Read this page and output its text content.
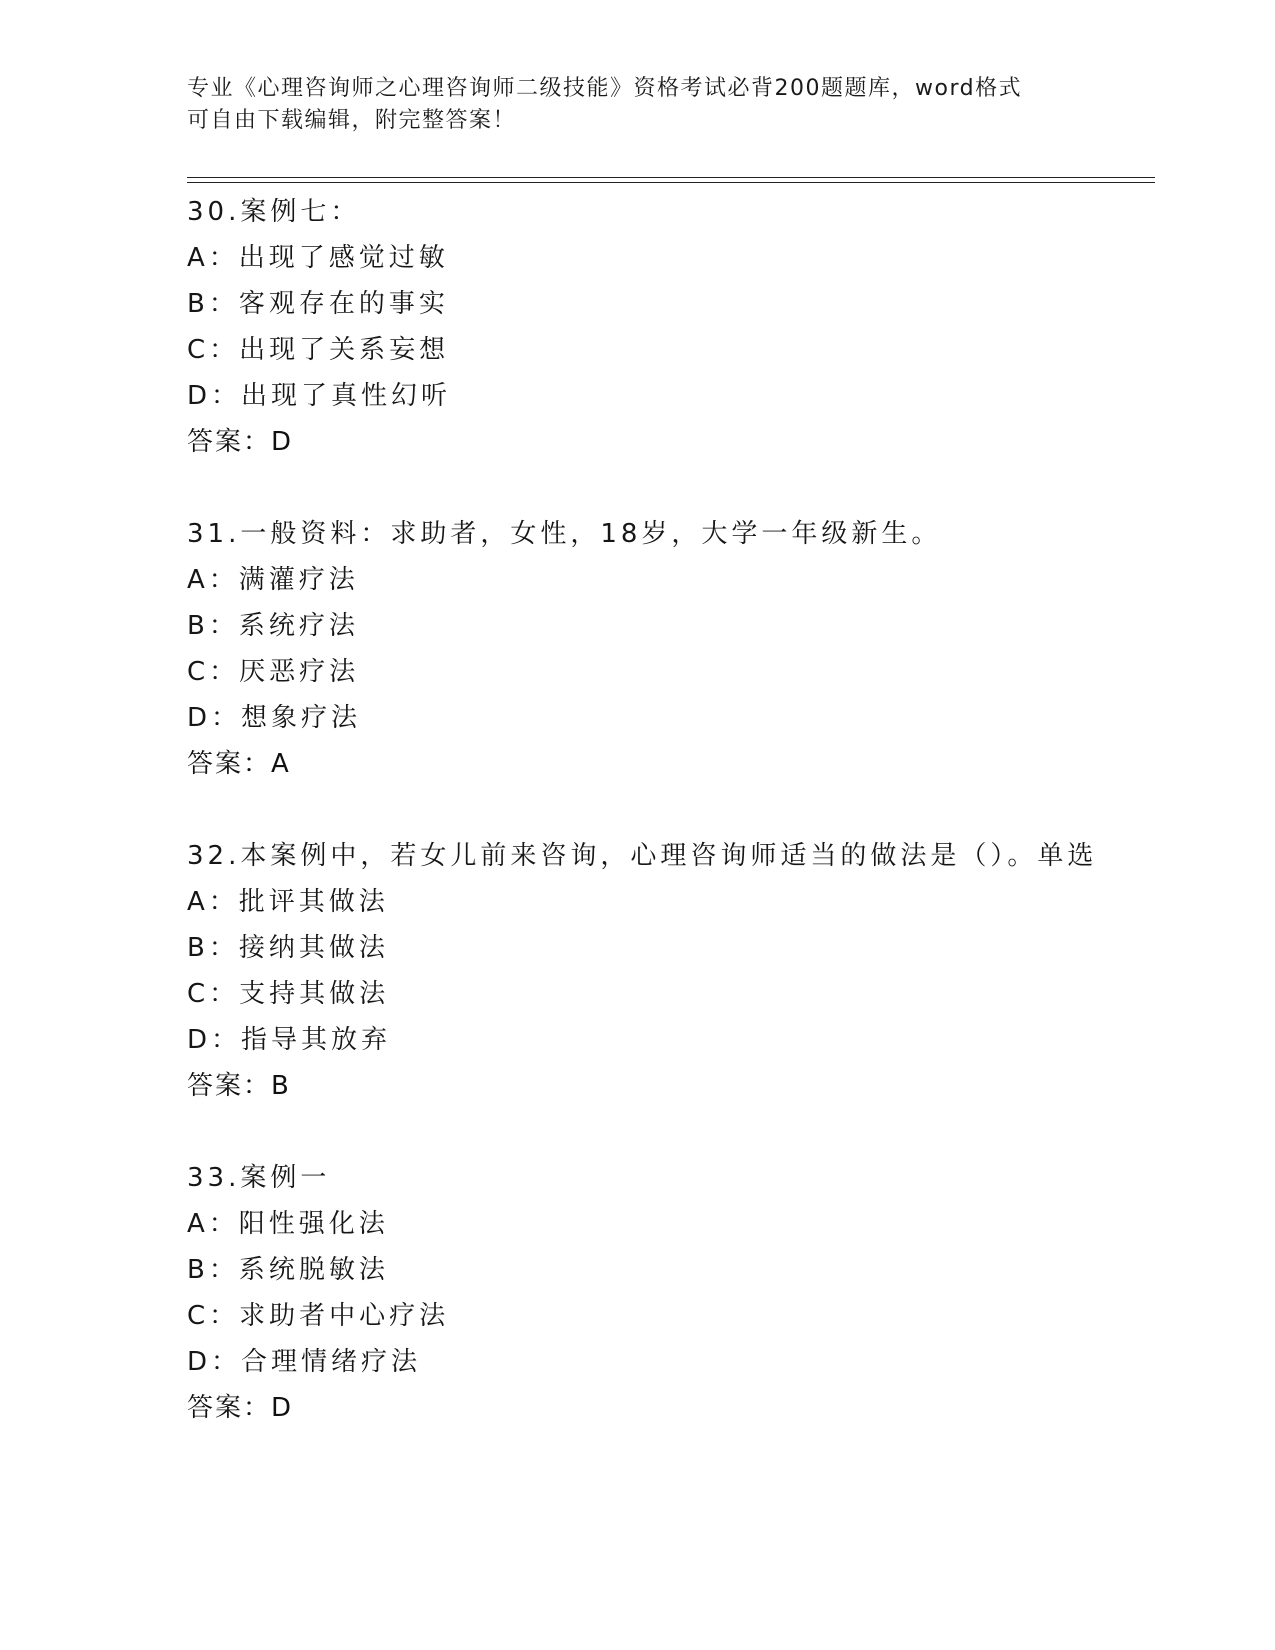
专业《心理咨询师之心理咨询师二级技能》资格考试必背200题题库，word格式
可自由下载编辑，附完整答案！
30.案例七：
A：出现了感觉过敏
B：客观存在的事实
C：出现了关系妄想
D：出现了真性幻听
答案：D
31.一般资料：求助者，女性，18岁，大学一年级新生。
A：满灌疗法
B：系统疗法
C：厌恶疗法
D：想象疗法
答案：A
32.本案例中，若女儿前来咨询，心理咨询师适当的做法是（）。单选
A：批评其做法
B：接纳其做法
C：支持其做法
D：指导其放弃
答案：B
33.案例一
A：阳性强化法
B：系统脱敏法
C：求助者中心疗法
D：合理情绪疗法
答案：D
